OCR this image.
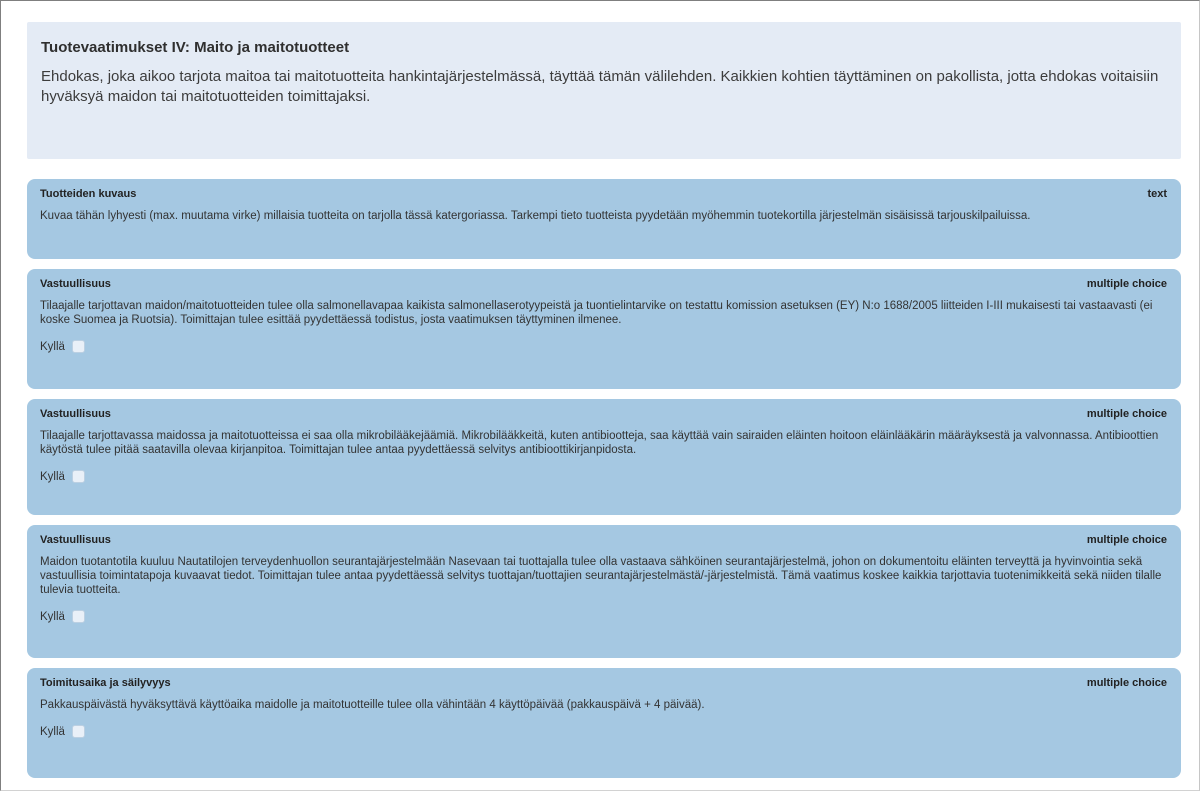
Tuotevaatimukset IV: Maito ja maitotuotteet

Ehdokas, joka aikoo tarjota maitoa tai maitotuotteita hankintajärjestelmässä, täyttää tämän välilehden. Kaikkien kohtien täyttäminen on pakollista, jotta ehdokas voitaisiin hyväksyä maidon tai maitotuotteiden toimittajaksi.

Tuotteiden kuvaus	text

Kuvaa tähän lyhyesti (max. muutama virke) millaisia tuotteita on tarjolla tässä katergoriassa. Tarkempi tieto tuotteista pyydetään myöhemmin tuotekortilla järjestelmän sisäisissä tarjouskilpailuissa.

Vastuullisuus	multiple choice

Tilaajalle tarjottavan maidon/maitotuotteiden tulee olla salmonellavapaa kaikista salmonellaserotyypeistä ja tuontielintarvike on testattu komission asetuksen (EY) N:o 1688/2005 liitteiden I-III mukaisesti tai vastaavasti (ei koske Suomea ja Ruotsia). Toimittajan tulee esittää pyydettäessä todistus, josta vaatimuksen täyttyminen ilmenee.

Kyllä
Vastuullisuus	multiple choice

Tilaajalle tarjottavassa maidossa ja maitotuotteissa ei saa olla mikrobilääkejäämiä. Mikrobilääkkeitä, kuten antibiootteja, saa käyttää vain sairaiden eläinten hoitoon eläinlääkärin määräyksestä ja valvonnassa. Antibioottien käytöstä tulee pitää saatavilla olevaa kirjanpitoa. Toimittajan tulee antaa pyydettäessä selvitys antibioottikirjanpidosta.

Kyllä
Vastuullisuus	multiple choice

Maidon tuotantotila kuuluu Nautatilojen terveydenhuollon seurantajärjestelmään Nasevaan tai tuottajalla tulee olla vastaava sähköinen seurantajärjestelmä, johon on dokumentoitu eläinten terveyttä ja hyvinvointia sekä vastuullisia toimintatapoja kuvaavat tiedot. Toimittajan tulee antaa pyydettäessä selvitys tuottajan/tuottajien seurantajärjestelmästä/-järjestelmistä. Tämä vaatimus koskee kaikkia tarjottavia tuotenimikkeitä sekä niiden tilalle tulevia tuotteita.

Kyllä
Toimitusaika ja säilyvyys	multiple choice

Pakkauspäivästä hyväksyttävä käyttöaika maidolle ja maitotuotteille tulee olla vähintään 4 käyttöpäivää (pakkauspäivä + 4 päivää).

Kyllä
